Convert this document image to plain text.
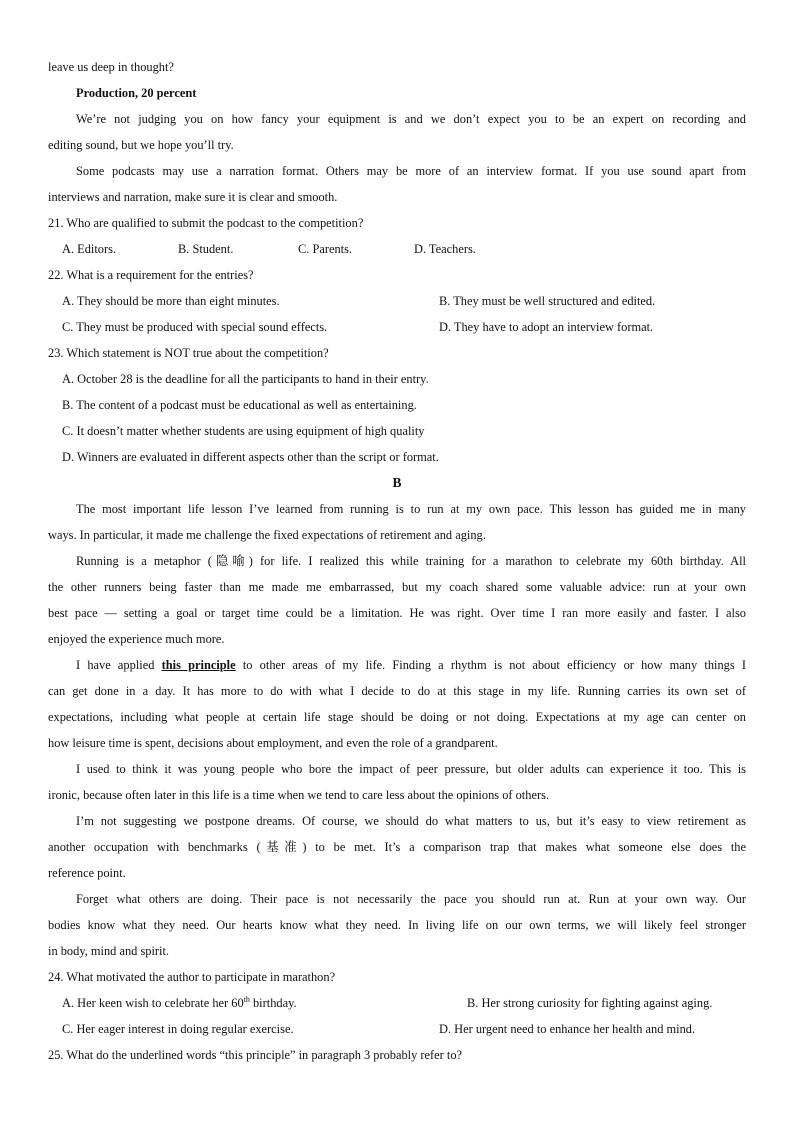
leave us deep in thought?
Production, 20 percent
We’re not judging you on how fancy your equipment is and we don’t expect you to be an expert on recording and
editing sound, but we hope you’ll try.
Some podcasts may use a narration format. Others may be more of an interview format. If you use sound apart from
interviews and narration, make sure it is clear and smooth.
21. Who are qualified to submit the podcast to the competition?
A. Editors.	B. Student.	C. Parents.	D. Teachers.
22. What is a requirement for the entries?
A. They should be more than eight minutes.	B. They must be well structured and edited.
C. They must be produced with special sound effects.	D. They have to adopt an interview format.
23. Which statement is NOT true about the competition?
A. October 28 is the deadline for all the participants to hand in their entry.
B. The content of a podcast must be educational as well as entertaining.
C. It doesn’t matter whether students are using equipment of high quality
D. Winners are evaluated in different aspects other than the script or format.
B
The most important life lesson I’ve learned from running is to run at my own pace. This lesson has guided me in many
ways. In particular, it made me challenge the fixed expectations of retirement and aging.
Running is a metaphor (隐喻) for life. I realized this while training for a marathon to celebrate my 60th birthday. All
the other runners being faster than me made me embarrassed, but my coach shared some valuable advice: run at your own
best pace — setting a goal or target time could be a limitation. He was right. Over time I ran more easily and faster. I also
enjoyed the experience much more.
I have applied this principle to other areas of my life. Finding a rhythm is not about efficiency or how many things I
can get done in a day. It has more to do with what I decide to do at this stage in my life. Running carries its own set of
expectations, including what people at certain life stage should be doing or not doing. Expectations at my age can center on
how leisure time is spent, decisions about employment, and even the role of a grandparent.
I used to think it was young people who bore the impact of peer pressure, but older adults can experience it too. This is
ironic, because often later in this life is a time when we tend to care less about the opinions of others.
I’m not suggesting we postpone dreams. Of course, we should do what matters to us, but it’s easy to view retirement as
another occupation with benchmarks (基准) to be met. It’s a comparison trap that makes what someone else does the
reference point.
Forget what others are doing. Their pace is not necessarily the pace you should run at. Run at your own way. Our
bodies know what they need. Our hearts know what they need. In living life on our own terms, we will likely feel stronger
in body, mind and spirit.
24. What motivated the author to participate in marathon?
A. Her keen wish to celebrate her 60th birthday.	B. Her strong curiosity for fighting against aging.
C. Her eager interest in doing regular exercise.	D. Her urgent need to enhance her health and mind.
25. What do the underlined words “this principle” in paragraph 3 probably refer to?
